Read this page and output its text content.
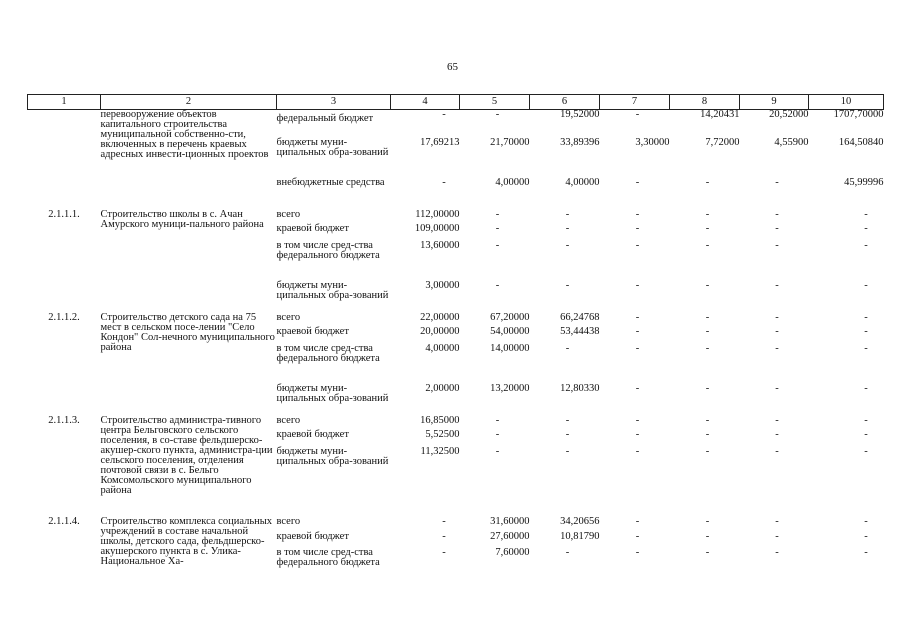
65
1	2	3	4	5	6	7	8	9	10
	перевооружение объектов капитального строительства муниципальной собственно-сти, включенных в перечень краевых адресных инвести-ционных проектов	федеральный бюджет	-	-	19,52000	-	14,20431	20,52000	1707,70000
		бюджеты муни-ципальных обра-зований	17,69213	21,70000	33,89396	3,30000	7,72000	4,55900	164,50840
		внебюджетные средства	-	4,00000	4,00000	-	-	-	45,99996
2.1.1.1.	Строительство школы в с. Ачан Амурского муници-пального района	всего	112,00000	-	-	-	-	-	-
		краевой бюджет	109,00000	-	-	-	-	-	-
		в том числе сред-ства федерального бюджета	13,60000	-	-	-	-	-	-
		бюджеты муни-ципальных обра-зований	3,00000	-	-	-	-	-	-
2.1.1.2.	Строительство детского сада на 75 мест в сельском посе-лении "Село Кондон" Сол-нечного муниципального района	всего	22,00000	67,20000	66,24768	-	-	-	-
		краевой бюджет	20,00000	54,00000	53,44438	-	-	-	-
		в том числе сред-ства федерального бюджета	4,00000	14,00000	-	-	-	-	-
		бюджеты муни-ципальных обра-зований	2,00000	13,20000	12,80330	-	-	-	-
2.1.1.3.	Строительство администра-тивного центра Бельговского сельского поселения, в со-ставе фельдшерско-акушер-ского пункта, администра-ции сельского поселения, отделения почтовой связи в с. Бельго Комсомольского муниципального района	всего	16,85000	-	-	-	-	-	-
		краевой бюджет	5,52500	-	-	-	-	-	-
		бюджеты муни-ципальных обра-зований	11,32500	-	-	-	-	-	-
2.1.1.4.	Строительство комплекса социальных учреждений в составе начальной школы, детского сада, фельдшерско-акушерского пункта в с. Улика-Национальное Ха-	всего	-	31,60000	34,20656	-	-	-	-
		краевой бюджет	-	27,60000	10,81790	-	-	-	-
		в том числе сред-ства федерального бюджета	-	7,60000	-	-	-	-	-
